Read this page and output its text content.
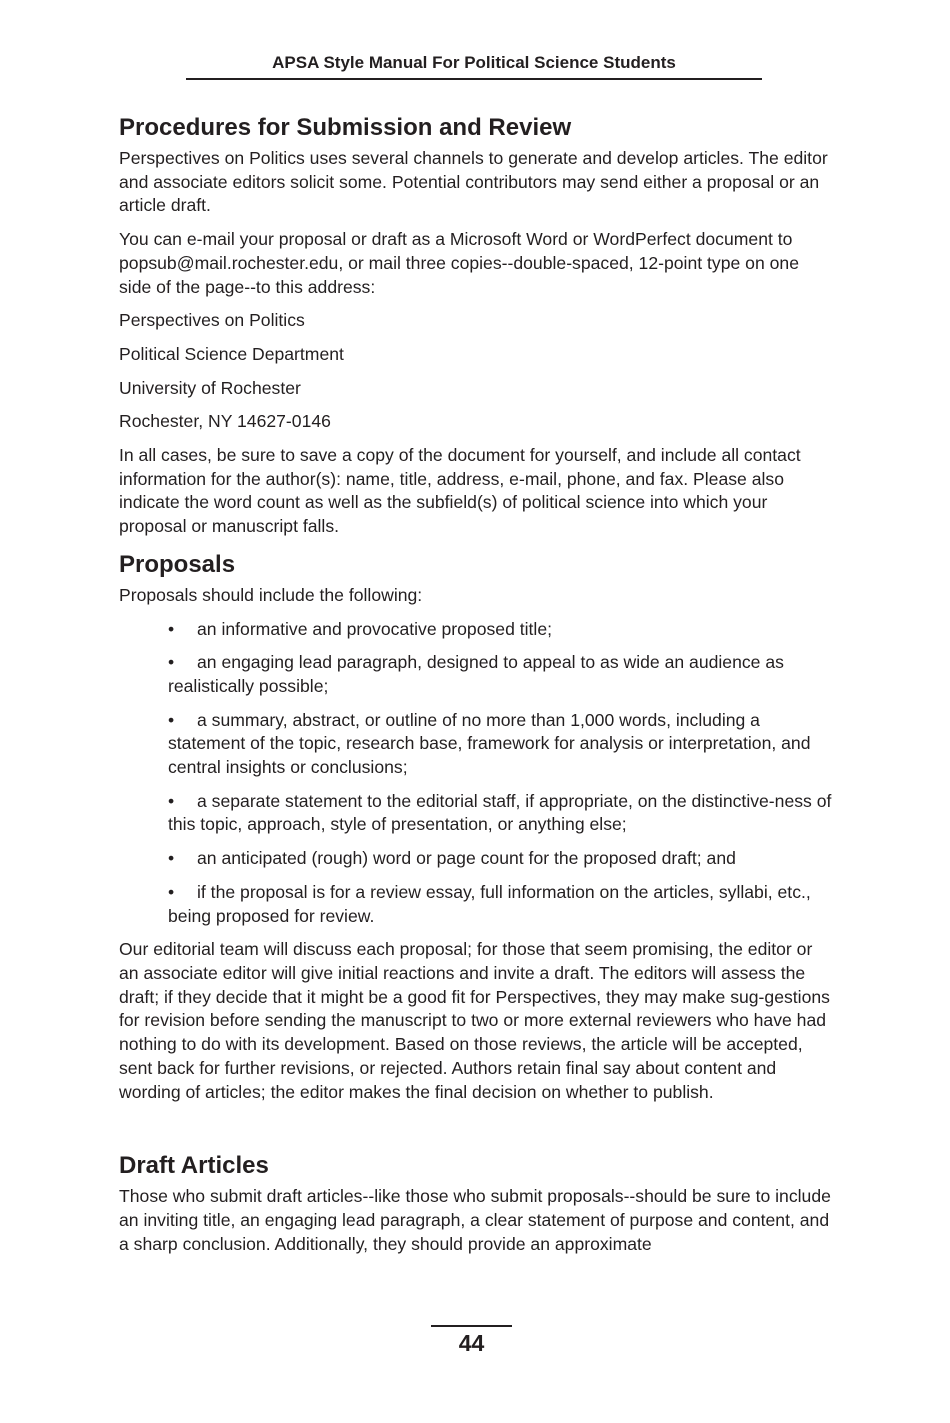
APSA Style Manual For Political Science Students
Procedures for Submission and Review

Perspectives on Politics uses several channels to generate and develop articles. The editor and associate editors solicit some. Potential contributors may send either a proposal or an article draft.

You can e-mail your proposal or draft as a Microsoft Word or WordPerfect document to popsub@mail.rochester.edu, or mail three copies--double-spaced, 12-point type on one side of the page--to this address:

Perspectives on Politics
Political Science Department
University of Rochester
Rochester, NY 14627-0146

In all cases, be sure to save a copy of the document for yourself, and include all contact information for the author(s): name, title, address, e-mail, phone, and fax. Please also indicate the word count as well as the subfield(s) of political science into which your proposal or manuscript falls.

Proposals

Proposals should include the following:

• an informative and provocative proposed title;
• an engaging lead paragraph, designed to appeal to as wide an audience as realistically possible;
• a summary, abstract, or outline of no more than 1,000 words, including a statement of the topic, research base, framework for analysis or interpretation, and central insights or conclusions;
• a separate statement to the editorial staff, if appropriate, on the distinctive-ness of this topic, approach, style of presentation, or anything else;
• an anticipated (rough) word or page count for the proposed draft; and
• if the proposal is for a review essay, full information on the articles, syllabi, etc., being proposed for review.

Our editorial team will discuss each proposal; for those that seem promising, the editor or an associate editor will give initial reactions and invite a draft. The editors will assess the draft; if they decide that it might be a good fit for Perspectives, they may make sug-gestions for revision before sending the manuscript to two or more external reviewers who have had nothing to do with its development. Based on those reviews, the article will be accepted, sent back for further revisions, or rejected. Authors retain final say about content and wording of articles; the editor makes the final decision on whether to publish.

Draft Articles

Those who submit draft articles--like those who submit proposals--should be sure to include an inviting title, an engaging lead paragraph, a clear statement of purpose and content, and a sharp conclusion. Additionally, they should provide an approximate

44
